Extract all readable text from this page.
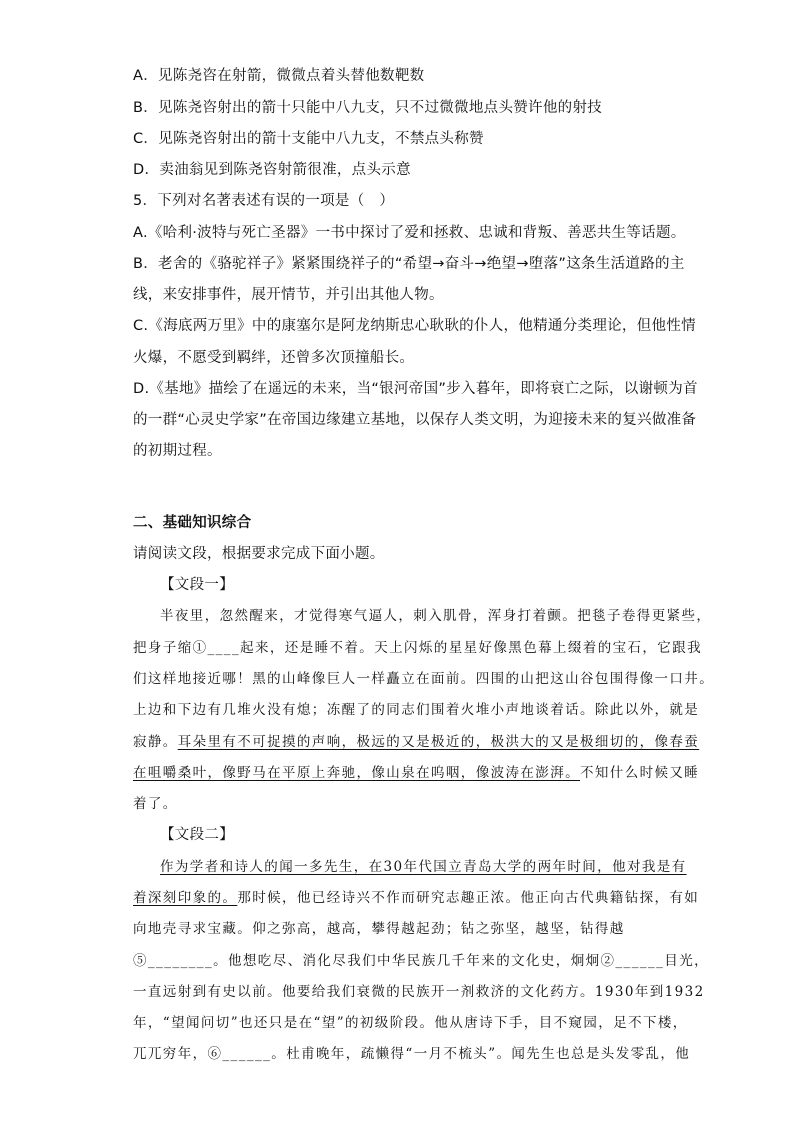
A．见陈尧咨在射箭，微微点着头替他数靶数
B．见陈尧咨射出的箭十只能中八九支，只不过微微地点头赞许他的射技
C．见陈尧咨射出的箭十支能中八九支，不禁点头称赞
D．卖油翁见到陈尧咨射箭很准，点头示意
5．下列对名著表述有误的一项是（　）
A.《哈利·波特与死亡圣器》一书中探讨了爱和拯救、忠诚和背叛、善恶共生等话题。
B．老舍的《骆驼祥子》紧紧围绕祥子的“希望→奋斗→绝望→堕落”这条生活道路的主
线，来安排事件，展开情节，并引出其他人物。
C.《海底两万里》中的康塞尔是阿龙纳斯忠心耿耿的仆人，他精通分类理论，但他性情
火爆，不愿受到羁绊，还曾多次顶撞船长。
D.《基地》描绘了在遥远的未来，当“银河帝国”步入暮年，即将衰亡之际，以谢顿为首
的一群“心灵史学家”在帝国边缘建立基地，以保存人类文明，为迎接未来的复兴做准备
的初期过程。
二、基础知识综合
请阅读文段，根据要求完成下面小题。
【文段一】
半夜里，忽然醒来，才觉得寒气逼人，刺入肌骨，浑身打着颤。把毯子卷得更紧些，
把身子缩①____起来，还是睡不着。天上闪烁的星星好像黑色幕上缀着的宝石，它跟我
们这样地接近哪！黑的山峰像巨人一样矗立在面前。四围的山把这山谷包围得像一口井。
上边和下边有几堆火没有熄；冻醒了的同志们围着火堆小声地谈着话。除此以外，就是
寂静。耳朵里有不可捉摸的声响，极远的又是极近的，极洪大的又是极细切的，像春蚕
在咀嚼桑叶，像野马在平原上奔驰，像山泉在呜咽，像波涛在澎湃。不知什么时候又睡
着了。
【文段二】
作为学者和诗人的闻一多先生，在30年代国立青岛大学的两年时间，他对我是有
着深刻印象的。那时候，他已经诗兴不作而研究志趣正浓。他正向古代典籍钻探，有如
向地壳寻求宝藏。仰之弥高，越高，攀得越起劲；钻之弥坚，越坚，钻得越
⑤________。他想吃尽、消化尽我们中华民族几千年来的文化史，炯炯②______目光，
一直远射到有史以前。他要给我们衰微的民族开一剂救济的文化药方。1930年到1932
年，“望闻问切”也还只是在“望”的初级阶段。他从唐诗下手，目不窥园，足不下楼，
兀兀穷年，⑥______。杜甫晚年，疏懒得“一月不梳头”。闻先生也总是头发零乱，他
